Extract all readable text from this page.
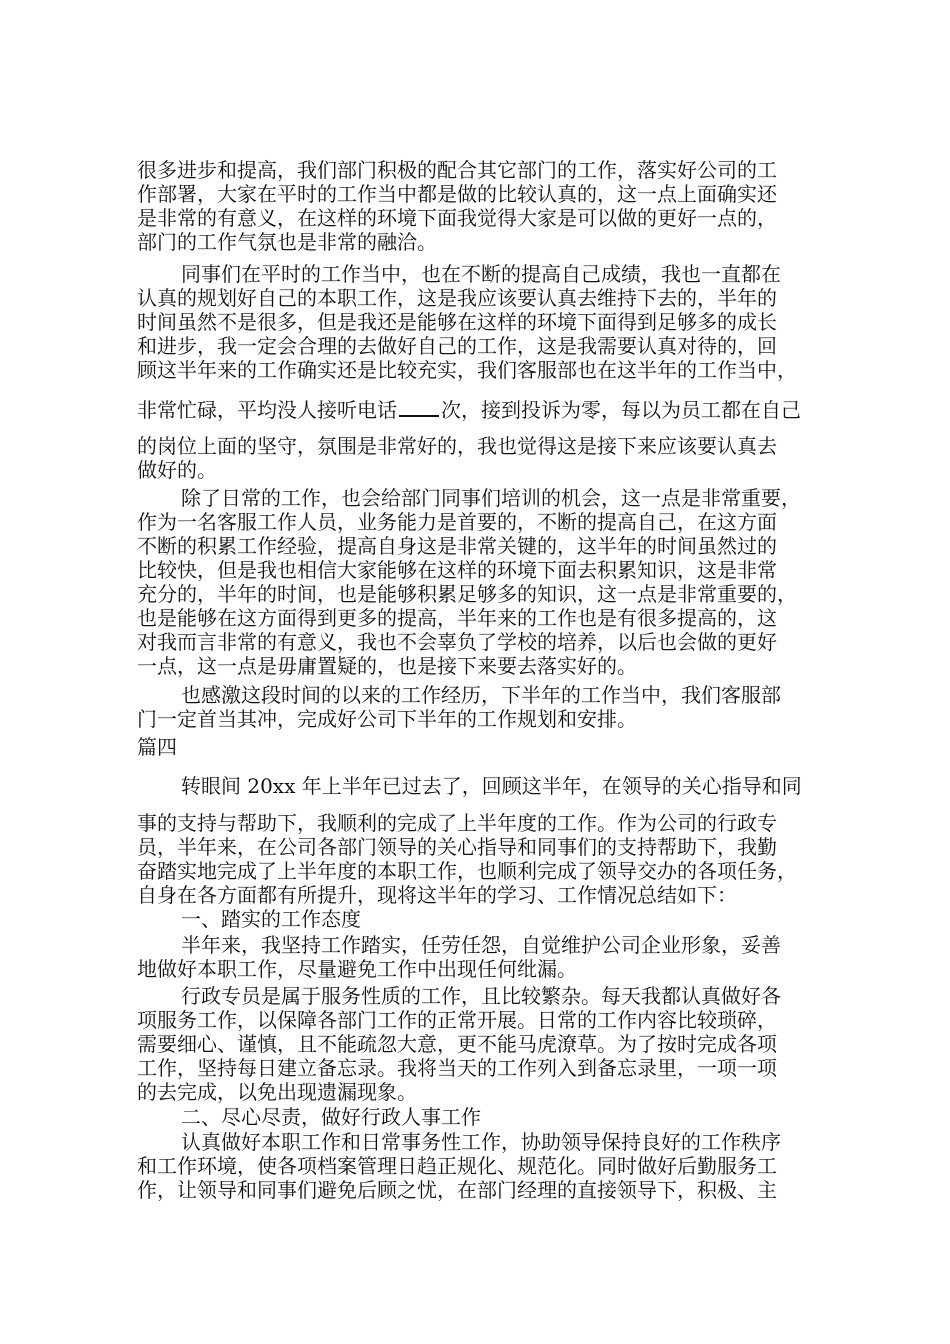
很多进步和提高，我们部门积极的配合其它部门的工作，落实好公司的工
作部署，大家在平时的工作当中都是做的比较认真的，这一点上面确实还
是非常的有意义，在这样的环境下面我觉得大家是可以做的更好一点的，
部门的工作气氛也是非常的融洽。
同事们在平时的工作当中，也在不断的提高自己成绩，我也一直都在
认真的规划好自己的本职工作，这是我应该要认真去维持下去的，半年的
时间虽然不是很多，但是我还是能够在这样的环境下面得到足够多的成长
和进步，我一定会合理的去做好自己的工作，这是我需要认真对待的，回
顾这半年来的工作确实还是比较充实，我们客服部也在这半年的工作当中，
非常忙碌，平均没人接听电话 次，接到投诉为零，每以为员工都在自己
的岗位上面的坚守，氛围是非常好的，我也觉得这是接下来应该要认真去
做好的。
除了日常的工作，也会给部门同事们培训的机会，这一点是非常重要，
作为一名客服工作人员，业务能力是首要的，不断的提高自己，在这方面
不断的积累工作经验，提高自身这是非常关键的，这半年的时间虽然过的
比较快，但是我也相信大家能够在这样的环境下面去积累知识，这是非常
充分的，半年的时间，也是能够积累足够多的知识，这一点是非常重要的，
也是能够在这方面得到更多的提高，半年来的工作也是有很多提高的，这
对我而言非常的有意义，我也不会辜负了学校的培养，以后也会做的更好
一点，这一点是毋庸置疑的，也是接下来要去落实好的。
也感激这段时间的以来的工作经历，下半年的工作当中，我们客服部
门一定首当其冲，完成好公司下半年的工作规划和安排。
篇四
转眼间 20xx 年上半年已过去了，回顾这半年，在领导的关心指导和同
事的支持与帮助下，我顺利的完成了上半年度的工作。作为公司的行政专
员，半年来，在公司各部门领导的关心指导和同事们的支持帮助下，我勤
奋踏实地完成了上半年度的本职工作，也顺利完成了领导交办的各项任务，
自身在各方面都有所提升，现将这半年的学习、工作情况总结如下：
一、踏实的工作态度
半年来，我坚持工作踏实，任劳任怨，自觉维护公司企业形象，妥善
地做好本职工作，尽量避免工作中出现任何纰漏。
行政专员是属于服务性质的工作，且比较繁杂。每天我都认真做好各
项服务工作，以保障各部门工作的正常开展。日常的工作内容比较琐碎，
需要细心、谨慎，且不能疏忽大意，更不能马虎潦草。为了按时完成各项
工作，坚持每日建立备忘录。我将当天的工作列入到备忘录里，一项一项
的去完成，以免出现遗漏现象。
二、尽心尽责，做好行政人事工作
认真做好本职工作和日常事务性工作，协助领导保持良好的工作秩序
和工作环境，使各项档案管理日趋正规化、规范化。同时做好后勤服务工
作，让领导和同事们避免后顾之忧，在部门经理的直接领导下，积极、主
